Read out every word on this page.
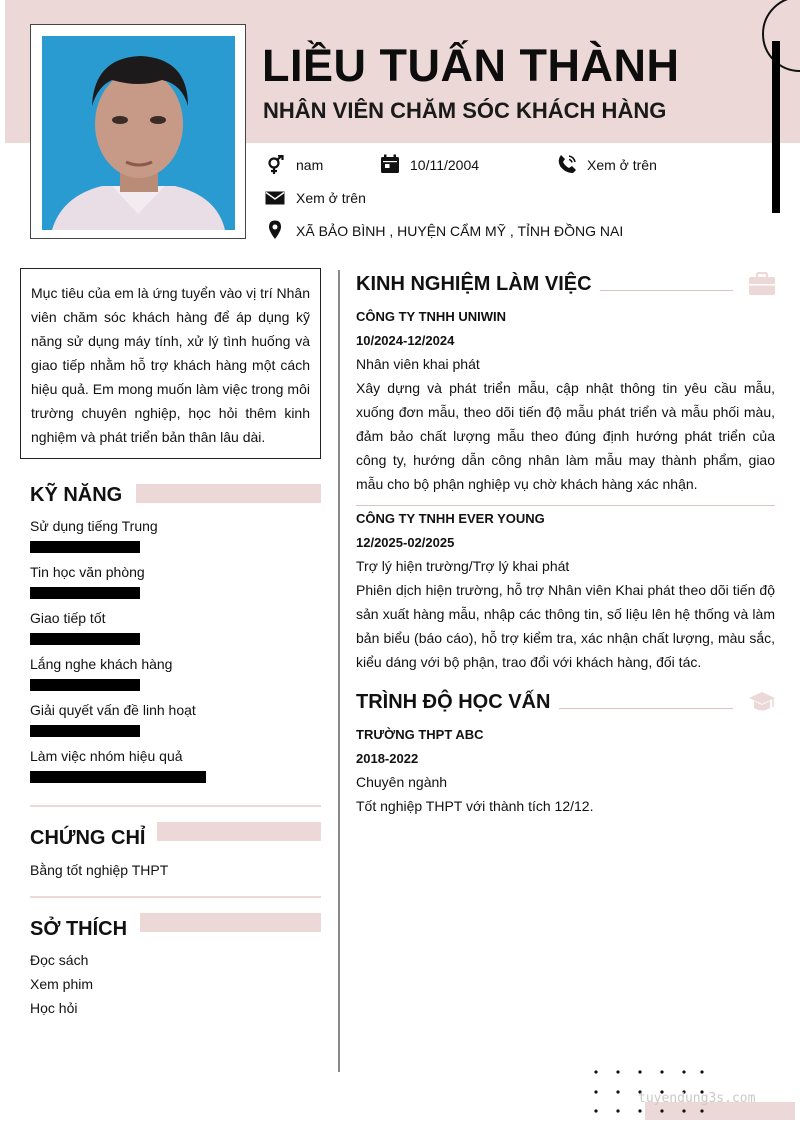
LIỀU TUẤN THÀNH
NHÂN VIÊN CHĂM SÓC KHÁCH HÀNG
nam	10/11/2004	Xem ở trên
Xem ở trên
XÃ BẢO BÌNH , HUYỆN CẨM MỸ , TỈNH ĐỒNG NAI
Mục tiêu của em là ứng tuyển vào vị trí Nhân viên chăm sóc khách hàng để áp dụng kỹ năng sử dụng máy tính, xử lý tình huống và giao tiếp nhằm hỗ trợ khách hàng một cách hiệu quả. Em mong muốn làm việc trong môi trường chuyên nghiệp, học hỏi thêm kinh nghiệm và phát triển bản thân lâu dài.
KỸ NĂNG
Sử dụng tiếng Trung
Tin học văn phòng
Giao tiếp tốt
Lắng nghe khách hàng
Giải quyết vấn đề linh hoạt
Làm việc nhóm hiệu quả
CHỨNG CHỈ
Bằng tốt nghiệp THPT
SỞ THÍCH
Đọc sách
Xem phim
Học hỏi
KINH NGHIỆM LÀM VIỆC
CÔNG TY TNHH UNIWIN
10/2024-12/2024
Nhân viên khai phát
Xây dựng và phát triển mẫu, cập nhật thông tin yêu cầu mẫu, xuống đơn mẫu, theo dõi tiến độ mẫu phát triển và mẫu phối màu, đảm bảo chất lượng mẫu theo đúng định hướng phát triển của công ty, hướng dẫn công nhân làm mẫu may thành phẩm, giao mẫu cho bộ phận nghiệp vụ chờ khách hàng xác nhận.
CÔNG TY TNHH EVER YOUNG
12/2025-02/2025
Trợ lý hiện trường/Trợ lý khai phát
Phiên dịch hiện trường, hỗ trợ Nhân viên Khai phát theo dõi tiến độ sản xuất hàng mẫu, nhập các thông tin, số liệu lên hệ thống và làm bản biểu (báo cáo), hỗ trợ kiểm tra, xác nhận chất lượng, màu sắc, kiểu dáng với bộ phận, trao đổi với khách hàng, đối tác.
TRÌNH ĐỘ HỌC VẤN
TRƯỜNG THPT ABC
2018-2022
Chuyên ngành
Tốt nghiệp THPT với thành tích 12/12.
tuyendung3s.com
